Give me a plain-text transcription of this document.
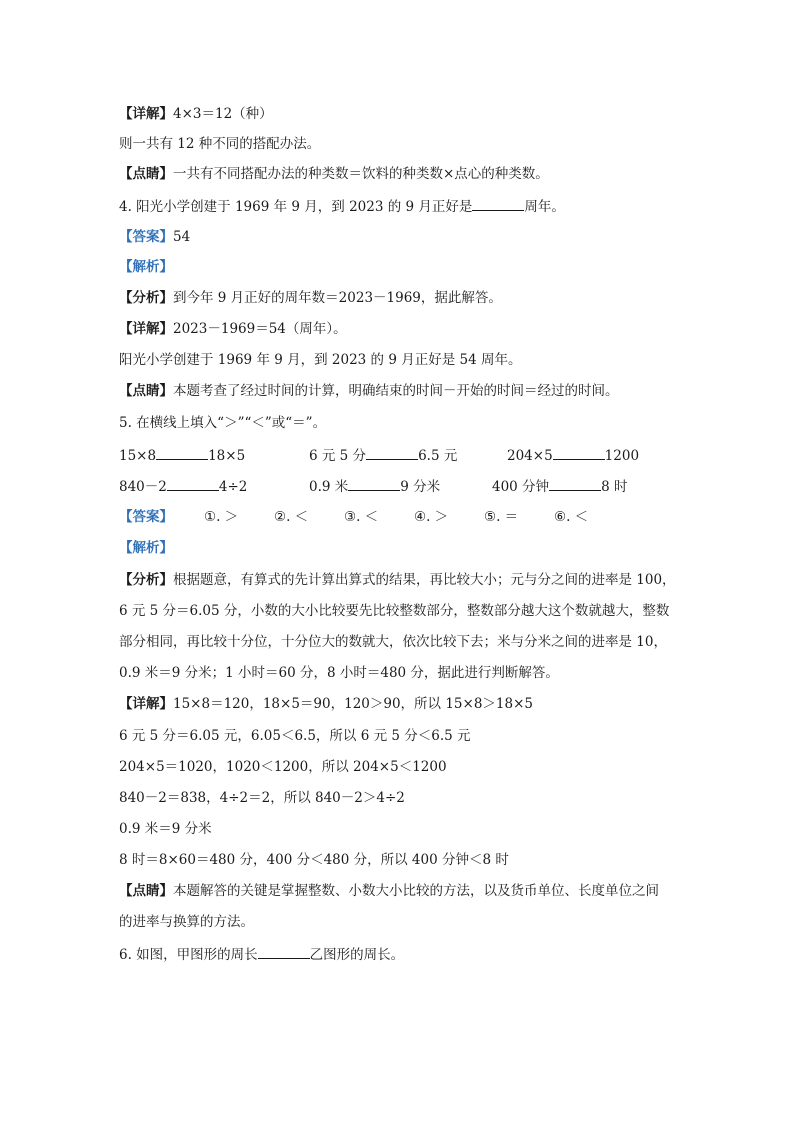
【详解】4×3＝12（种）
则一共有 12 种不同的搭配办法。
【点睛】一共有不同搭配办法的种类数＝饮料的种类数×点心的种类数。
4. 阳光小学创建于 1969 年 9 月，到 2023 的 9 月正好是	周年。
【答案】54
【解析】
【分析】到今年 9 月正好的周年数＝2023－1969，据此解答。
【详解】2023－1969＝54（周年）。
阳光小学创建于 1969 年 9 月，到 2023 的 9 月正好是 54 周年。
【点睛】本题考查了经过时间的计算，明确结束的时间－开始的时间＝经过的时间。
5. 在横线上填入“＞”“＜”或“＝”。
15×8	18×5	6 元 5 分	6.5 元	204×5	1200
840－2	4÷2	0.9 米	9 分米	400 分钟	8 时
【答案】 ①. ＞	②. ＜	③. ＜	④. ＞	⑤. ＝	⑥. ＜
【解析】
【分析】根据题意，有算式的先计算出算式的结果，再比较大小；元与分之间的进率是 100，
6 元 5 分＝6.05 分，小数的大小比较要先比较整数部分，整数部分越大这个数就越大，整数
部分相同，再比较十分位，十分位大的数就大，依次比较下去；米与分米之间的进率是 10，
0.9 米＝9 分米；1 小时＝60 分，8 小时＝480 分，据此进行判断解答。
【详解】15×8＝120，18×5＝90，120＞90，所以 15×8＞18×5
6 元 5 分＝6.05 元，6.05＜6.5，所以 6 元 5 分＜6.5 元
204×5＝1020，1020＜1200，所以 204×5＜1200
840－2＝838，4÷2＝2，所以 840－2＞4÷2
0.9 米＝9 分米
8 时＝8×60＝480 分，400 分＜480 分，所以 400 分钟＜8 时
【点睛】本题解答的关键是掌握整数、小数大小比较的方法，以及货币单位、长度单位之间
的进率与换算的方法。
6. 如图，甲图形的周长	乙图形的周长。
